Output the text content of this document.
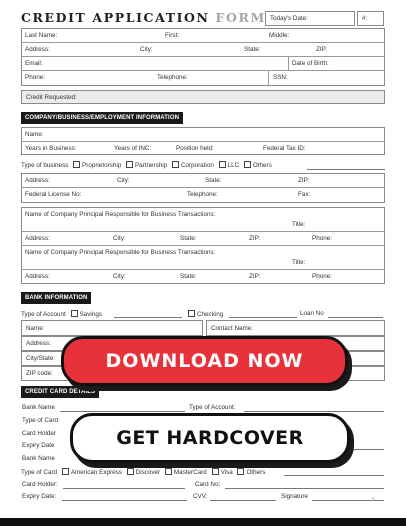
CREDIT APPLICATION FORM Today's Date:	#:
Last Name:	First:	Middle:
Address:	City:	State:	ZIP:
Email:	Date of Birth:
Phone:	Telephone:	SSN:
Credit Requested:
COMPANY/BUSINESS/EMPLOYMENT INFORMATION
Name:
Years in Business:	Years of INC:	Position held:	Federal Tax ID:
Type of business Proprietorship Partnership Corporation LLC Others
Address:	City:	State:	ZIP:
Federal License No:	Telephone:	Fax:
Name of Company Principal Responsible for Business Transactions:
Title:
Address:	City:	State:	ZIP:	Phone:
Name of Company Principal Responsible for Business Transactions:
Title:
Address:	City:	State:	ZIP:	Phone:
BANK INFORMATION
Type of Account Savings	Checking	Loan No
Name:	Contact Name:
Address:
City/State:
ZIP code:
CREDIT CARD DETAILS
Bank Name	Type of Account:
Type of Card
Card Holder
Expiry Date
Bank Name
Type of Card American Express Discover MasterCard Visa Others
Card Holder:	Card No:
Expiry Date:	CVV:	Signature	5
DOWNLOAD NOW
GET HARDCOVER
